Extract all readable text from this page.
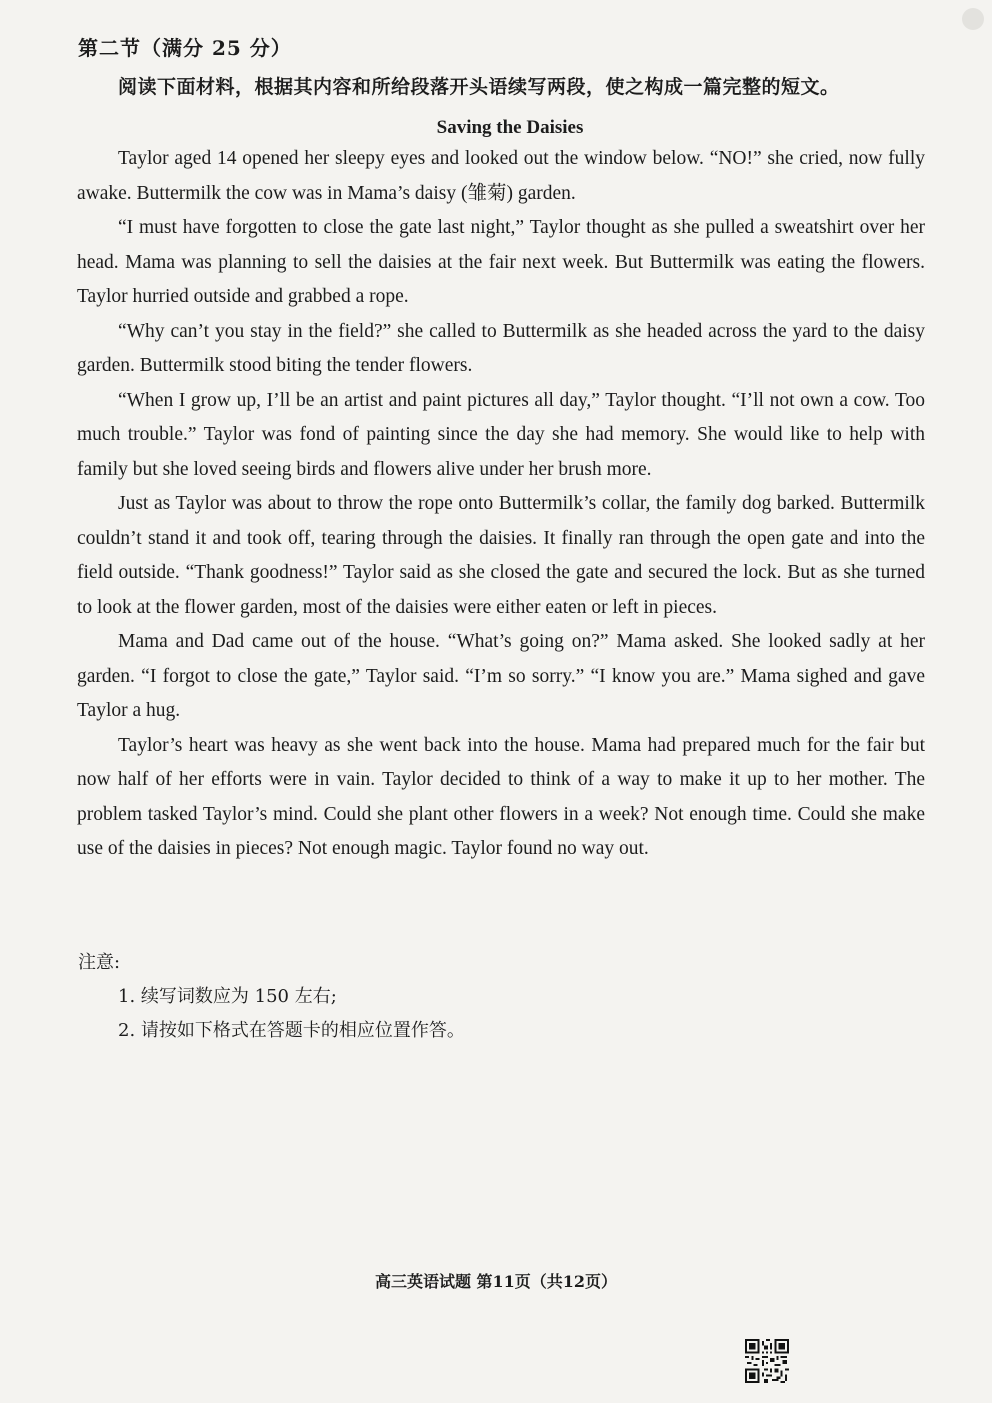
第二节（满分 25 分）
阅读下面材料，根据其内容和所给段落开头语续写两段，使之构成一篇完整的短文。
Saving the Daisies

Taylor aged 14 opened her sleepy eyes and looked out the window below. “NO!” she cried, now fully awake. Buttermilk the cow was in Mama’s daisy (雏菊) garden.

“I must have forgotten to close the gate last night,” Taylor thought as she pulled a sweatshirt over her head. Mama was planning to sell the daisies at the fair next week. But Buttermilk was eating the flowers. Taylor hurried outside and grabbed a rope.

“Why can’t you stay in the field?” she called to Buttermilk as she headed across the yard to the daisy garden. Buttermilk stood biting the tender flowers.

“When I grow up, I’ll be an artist and paint pictures all day,” Taylor thought. “I’ll not own a cow. Too much trouble.” Taylor was fond of painting since the day she had memory. She would like to help with family but she loved seeing birds and flowers alive under her brush more.

Just as Taylor was about to throw the rope onto Buttermilk’s collar, the family dog barked. Buttermilk couldn’t stand it and took off, tearing through the daisies. It finally ran through the open gate and into the field outside. “Thank goodness!” Taylor said as she closed the gate and secured the lock. But as she turned to look at the flower garden, most of the daisies were either eaten or left in pieces.

Mama and Dad came out of the house. “What’s going on?” Mama asked. She looked sadly at her garden. “I forgot to close the gate,” Taylor said. “I’m so sorry.” “I know you are.” Mama sighed and gave Taylor a hug.

Taylor’s heart was heavy as she went back into the house. Mama had prepared much for the fair but now half of her efforts were in vain. Taylor decided to think of a way to make it up to her mother. The problem tasked Taylor’s mind. Could she plant other flowers in a week? Not enough time. Could she make use of the daisies in pieces? Not enough magic. Taylor found no way out.

注意:
1. 续写词数应为 150 左右;
2. 请按如下格式在答题卡的相应位置作答。
高三英语试题 第11页（共12页）
